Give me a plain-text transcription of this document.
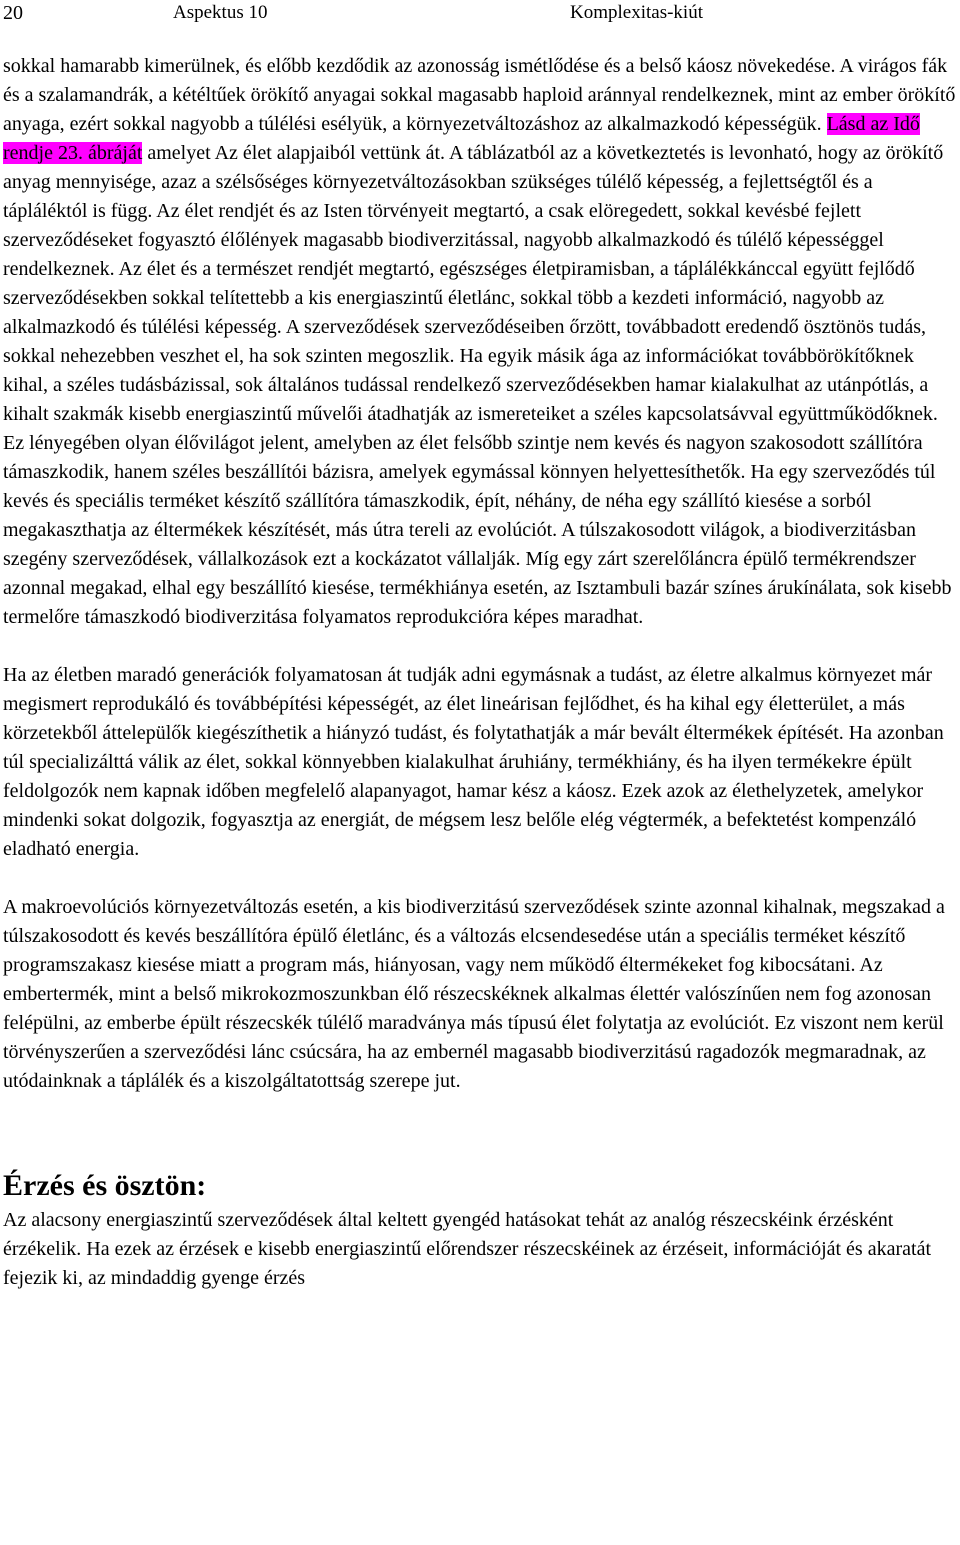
20	Aspektus 10	Komplexitas-kiút

sokkal hamarabb kimerülnek, és előbb kezdődik az azonosság ismétlődése és a belső káosz növekedése. A virágos fák és a szalamandrák, a kétéltűek örökítő anyagai sokkal magasabb haploid aránnyal rendelkeznek, mint az ember örökítő anyaga, ezért sokkal nagyobb a túlélési esélyük, a környezetváltozáshoz az alkalmazkodó képességük. Lásd az Idő rendje 23. ábráját amelyet Az élet alapjaiból vettünk át. A táblázatból az a következtetés is levonható, hogy az örökítő anyag mennyisége, azaz a szélsőséges környezetváltozásokban szükséges túlélő képesség, a fejlettségtől és a tápláléktól is függ. Az élet rendjét és az Isten törvényeit megtartó, a csak elöregedett, sokkal kevésbé fejlett szerveződéseket fogyasztó élőlények magasabb biodiverzitással, nagyobb alkalmazkodó és túlélő képességgel rendelkeznek. Az élet és a természet rendjét megtartó, egészséges életpiramisban, a táplálékkánccal együtt fejlődő szerveződésekben sokkal telítettebb a kis energiaszintű életlánc, sokkal több a kezdeti információ, nagyobb az alkalmazkodó és túlélési képesség. A szerveződések szerveződéseiben őrzött, továbbadott eredendő ösztönös tudás, sokkal nehezebben veszhet el, ha sok szinten megoszlik. Ha egyik másik ága az információkat továbbörökítőknek kihal, a széles tudásbázissal, sok általános tudással rendelkező szerveződésekben hamar kialakulhat az utánpótlás, a kihalt szakmák kisebb energiaszintű művelői átadhatják az ismereteiket a széles kapcsolatsávval együttműködőknek. Ez lényegében olyan élővilágot jelent, amelyben az élet felsőbb szintje nem kevés és nagyon szakosodott szállítóra támaszkodik, hanem széles beszállítói bázisra, amelyek egymással könnyen helyettesíthetők. Ha egy szerveződés túl kevés és speciális terméket készítő szállítóra támaszkodik, épít, néhány, de néha egy szállító kiesése a sorból megakaszthatja az éltermékek készítését, más útra tereli az evolúciót. A túlszakosodott világok, a biodiverzitásban szegény szerveződések, vállalkozások ezt a kockázatot vállalják. Míg egy zárt szerelőláncra épülő termékrendszer azonnal megakad, elhal egy beszállító kiesése, termékhiánya esetén, az Isztambuli bazár színes árukínálata, sok kisebb termelőre támaszkodó biodiverzitása folyamatos reprodukcióra képes maradhat.

Ha az életben maradó generációk folyamatosan át tudják adni egymásnak a tudást, az életre alkalmus környezet már megismert reprodukáló és továbbépítési képességét, az élet lineárisan fejlődhet, és ha kihal egy életterület, a más körzetekből áttelepülők kiegészíthetik a hiányzó tudást, és folytathatják a már bevált éltermékek építését. Ha azonban túl specializálttá válik az élet, sokkal könnyebben kialakulhat áruhiány, termékhiány, és ha ilyen termékekre épült feldolgozók nem kapnak időben megfelelő alapanyagot, hamar kész a káosz. Ezek azok az élethelyzetek, amelykor mindenki sokat dolgozik, fogyasztja az energiát, de mégsem lesz belőle elég végtermék, a befektetést kompenzáló eladható energia.

A makroevolúciós környezetváltozás esetén, a kis biodiverzitású szerveződések szinte azonnal kihalnak, megszakad a túlszakosodott és kevés beszállítóra épülő életlánc, és a változás elcsendesedése után a speciális terméket készítő programszakasz kiesése miatt a program más, hiányosan, vagy nem működő éltermékeket fog kibocsátani. Az embertermék, mint a belső mikrokozmoszunkban élő részecskéknek alkalmas élettér valószínűen nem fog azonosan felépülni, az emberbe épült részecskék túlélő maradványa más típusú élet folytatja az evolúciót. Ez viszont nem kerül törvényszerűen a szerveződési lánc csúcsára, ha az embernél magasabb biodiverzitású ragadozók megmaradnak, az utódainknak a táplálék és a kiszolgáltatottság szerepe jut.

Érzés és ösztön:

Az alacsony energiaszintű szerveződések által keltett gyengéd hatásokat tehát az analóg részecskéink érzésként érzékelik. Ha ezek az érzések e kisebb energiaszintű előrendszer részecskéinek az érzéseit, információját és akaratát fejezik ki, az mindaddig gyenge érzés
